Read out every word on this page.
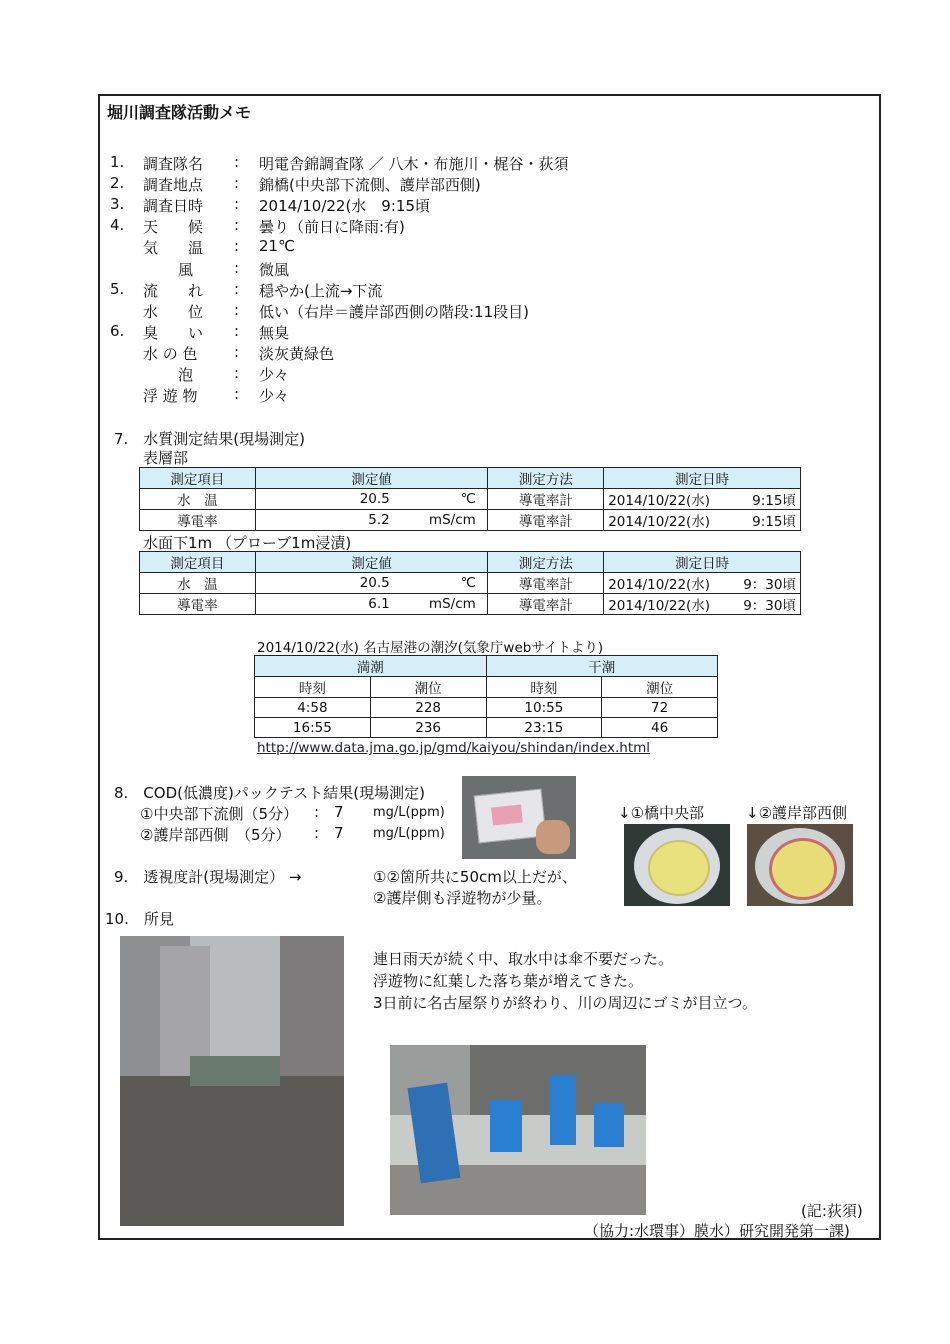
堀川調査隊活動メモ
1. 調査隊名 : 明電舎錦調査隊 ／ 八木・布施川・梶谷・荻須
2. 調査地点 : 錦橋(中央部下流側、護岸部西側)
3. 調査日時 : 2014/10/22(水　9:15頃
4. 天　　候 : 曇り（前日に降雨:有)
気　　温 : 21℃
風	: 微風
5. 流　　れ : 穏やか(上流→下流
水　　位 : 低い（右岸＝護岸部西側の階段:11段目)
6. 臭　　い : 無臭
水 の 色 : 淡灰黄緑色
泡	: 少々
浮 遊 物 : 少々
7.　水質測定結果(現場測定)
表層部
測定項目	測定値	測定方法	測定日時
水　温	20.5 ℃	導電率計	2014/10/22(水) 9:15頃

導電率	5.2 mS/cm	導電率計	2014/10/22(水) 9:15頃
水面下1m （プローブ1m浸漬)
測定項目	測定値	測定方法	測定日時
水　温	20.5 ℃	導電率計	2014/10/22(水) 9：30頃

導電率	6.1 mS/cm	導電率計	2014/10/22(水) 9：30頃
2014/10/22(水) 名古屋港の潮汐(気象庁webサイトより)
満潮		干潮	
時刻	潮位	時刻	潮位
4:58	228	10:55	72
16:55	236	23:15	46
http://www.data.jma.go.jp/gmd/kaiyou/shindan/index.html
8.　COD(低濃度)パックテスト結果(現場測定)
①中央部下流側（5分） : 7 mg/L(ppm)
②護岸部西側　（5分） : 7 mg/L(ppm)
↓①橋中央部	↓②護岸部西側
9.　透視度計(現場測定） →	①②箇所共に50cm以上だが、
②護岸側も浮遊物が少量。
10.　所見
連日雨天が続く中、取水中は傘不要だった。
浮遊物に紅葉した落ち葉が増えてきた。
3日前に名古屋祭りが終わり、川の周辺にゴミが目立つ。
(記:荻須)
（協力:水環事）膜水）研究開発第一課)
